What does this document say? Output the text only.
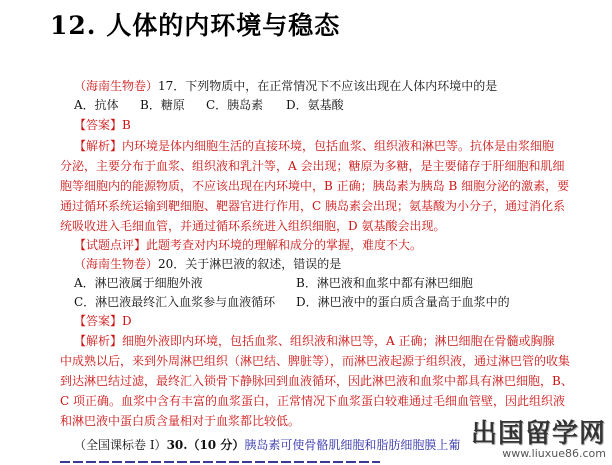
12. 人体的内环境与稳态
（海南生物卷）17．下列物质中，在正常情况下不应该出现在人体内环境中的是
A．抗体 B．糖原 C．胰岛素 D．氨基酸
【答案】B
【解析】内环境是体内细胞生活的直接环境，包括血浆、组织液和淋巴等。抗体是由浆细胞
分泌，主要分布于血浆、组织液和乳汁等，A 会出现；糖原为多糖，是主要储存于肝细胞和肌细
胞等细胞内的能源物质，不应该出现在内环境中，B 正确；胰岛素为胰岛 B 细胞分泌的激素，要
通过循环系统运输到靶细胞、靶器官进行作用，C 胰岛素会出现；氨基酸为小分子，通过消化系
统吸收进入毛细血管，并通过循环系统进入组织细胞，D 氨基酸会出现。
【试题点评】此题考查对内环境的理解和成分的掌握，难度不大。
（海南生物卷）20．关于淋巴液的叙述，错误的是
A．淋巴液属于细胞外液	B．淋巴液和血浆中都有淋巴细胞
C．淋巴液最终汇入血浆参与血液循环 D．淋巴液中的蛋白质含量高于血浆中的
【答案】D
【解析】细胞外液即内环境，包括血浆、组织液和淋巴等，A 正确；淋巴细胞在骨髓或胸腺
中成熟以后，来到外周淋巴组织（淋巴结、脾脏等），而淋巴液起源于组织液，通过淋巴管的收集
到达淋巴结过滤，最终汇入锁骨下静脉回到血液循环，因此淋巴液和血浆中都具有淋巴细胞，B、
C 项正确。血浆中含有丰富的血浆蛋白，正常情况下血浆蛋白较难通过毛细血管壁，因此组织液
和淋巴液中蛋白质含量相对于血浆都比较低。
（全国课标卷 Ⅰ）30.（10 分）胰岛素可使骨骼肌细胞和脂肪细胞膜上葡 出国留学网
www.liuxue86.com
